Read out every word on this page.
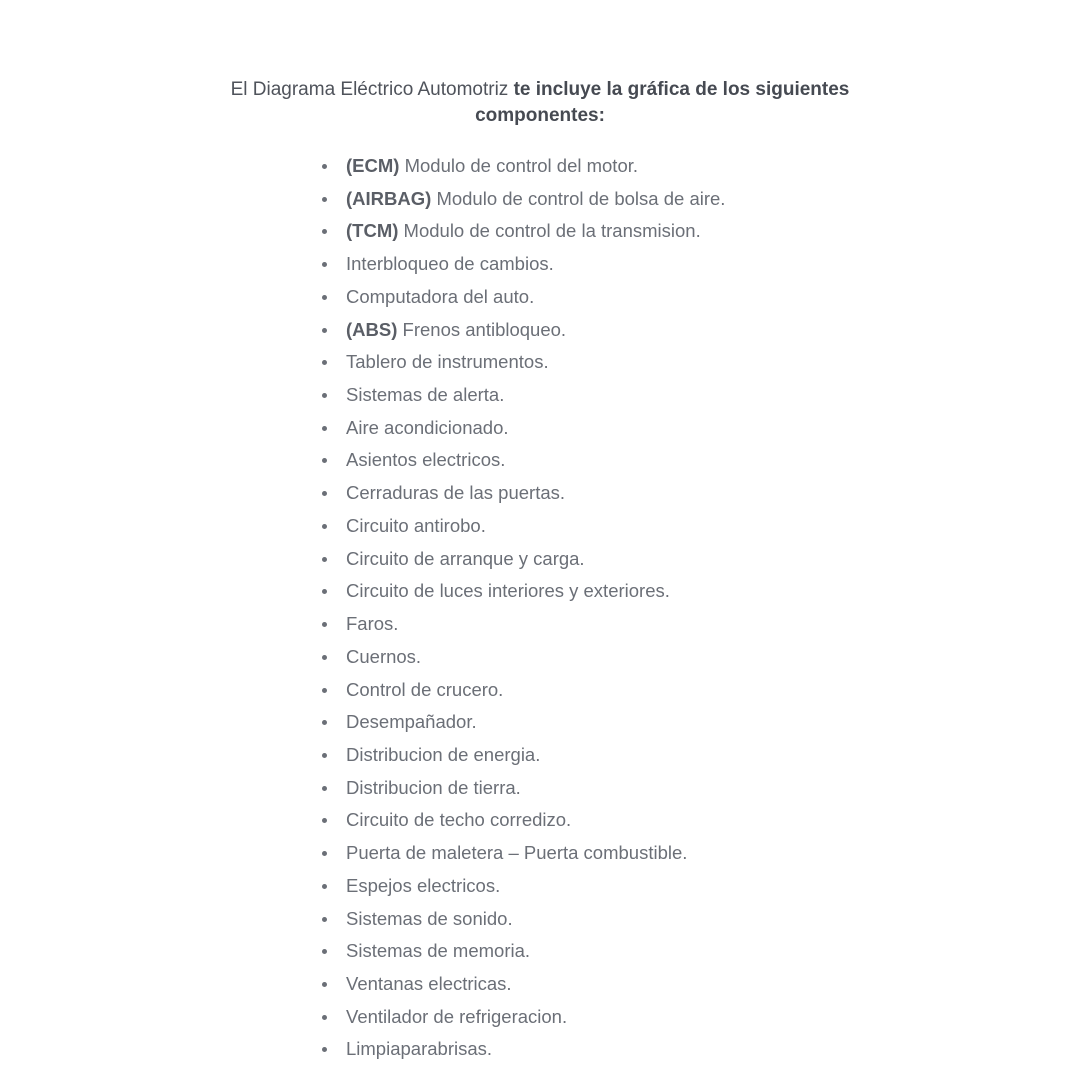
El Diagrama Eléctrico Automotriz te incluye la gráfica de los siguientes
componentes:
(ECM) Modulo de control del motor.
(AIRBAG) Modulo de control de bolsa de aire.
(TCM) Modulo de control de la transmision.
Interbloqueo de cambios.
Computadora del auto.
(ABS) Frenos antibloqueo.
Tablero de instrumentos.
Sistemas de alerta.
Aire acondicionado.
Asientos electricos.
Cerraduras de las puertas.
Circuito antirobo.
Circuito de arranque y carga.
Circuito de luces interiores y exteriores.
Faros.
Cuernos.
Control de crucero.
Desempañador.
Distribucion de energia.
Distribucion de tierra.
Circuito de techo corredizo.
Puerta de maletera – Puerta combustible.
Espejos electricos.
Sistemas de sonido.
Sistemas de memoria.
Ventanas electricas.
Ventilador de refrigeracion.
Limpiaparabrisas.
